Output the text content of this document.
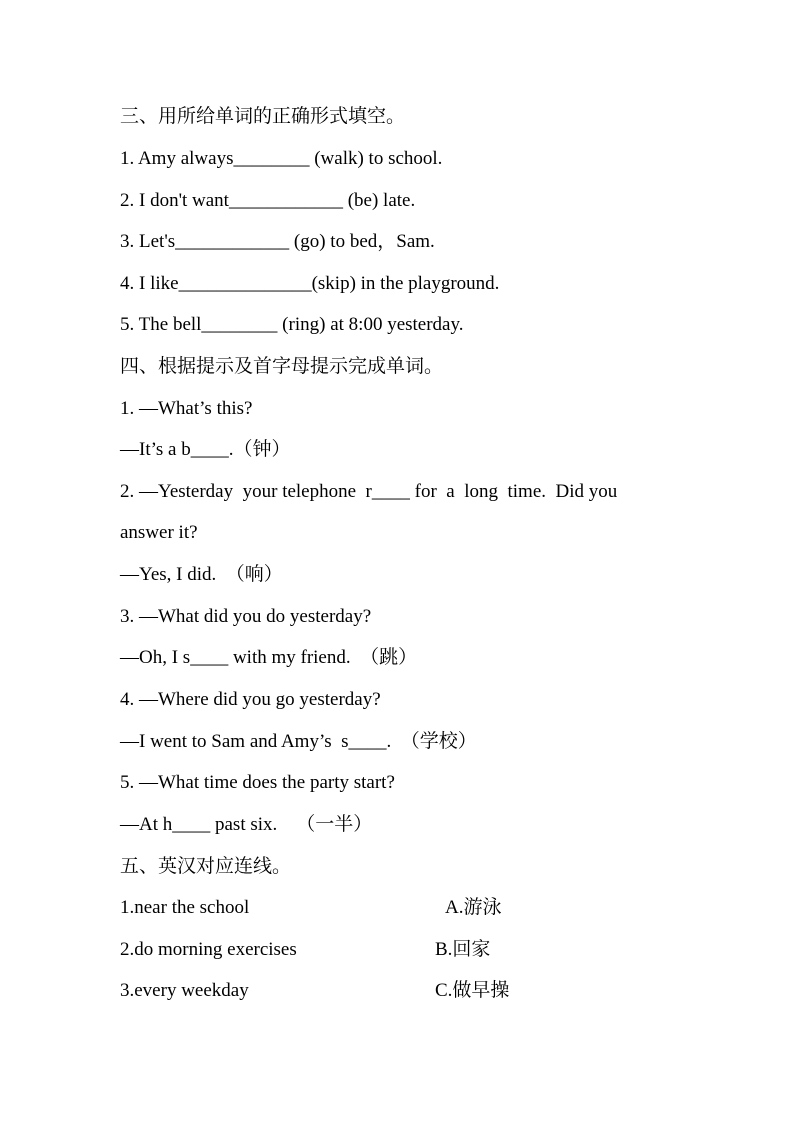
三、用所给单词的正确形式填空。
1. Amy always________ (walk) to school.
2. I don't want____________ (be) late.
3. Let's____________ (go) to bed，Sam.
4. I like______________(skip) in the playground.
5. The bell________ (ring) at 8:00 yesterday.
四、根据提示及首字母提示完成单词。
1. —What’s this?
—It’s a b____.（钟）
2. —Yesterday  your telephone  r____ for  a  long  time.  Did you
answer it?
—Yes, I did.  （响）
3. —What did you do yesterday?
—Oh, I s____ with my friend.  （跳）
4. —Where did you go yesterday?
—I went to Sam and Amy’s  s____.  （学校）
5. —What time does the party start?
—At h____ past six.    （一半）
五、英汉对应连线。
1.near the school	A.游泳
2.do morning exercises	B.回家
3.every weekday	C.做早操
